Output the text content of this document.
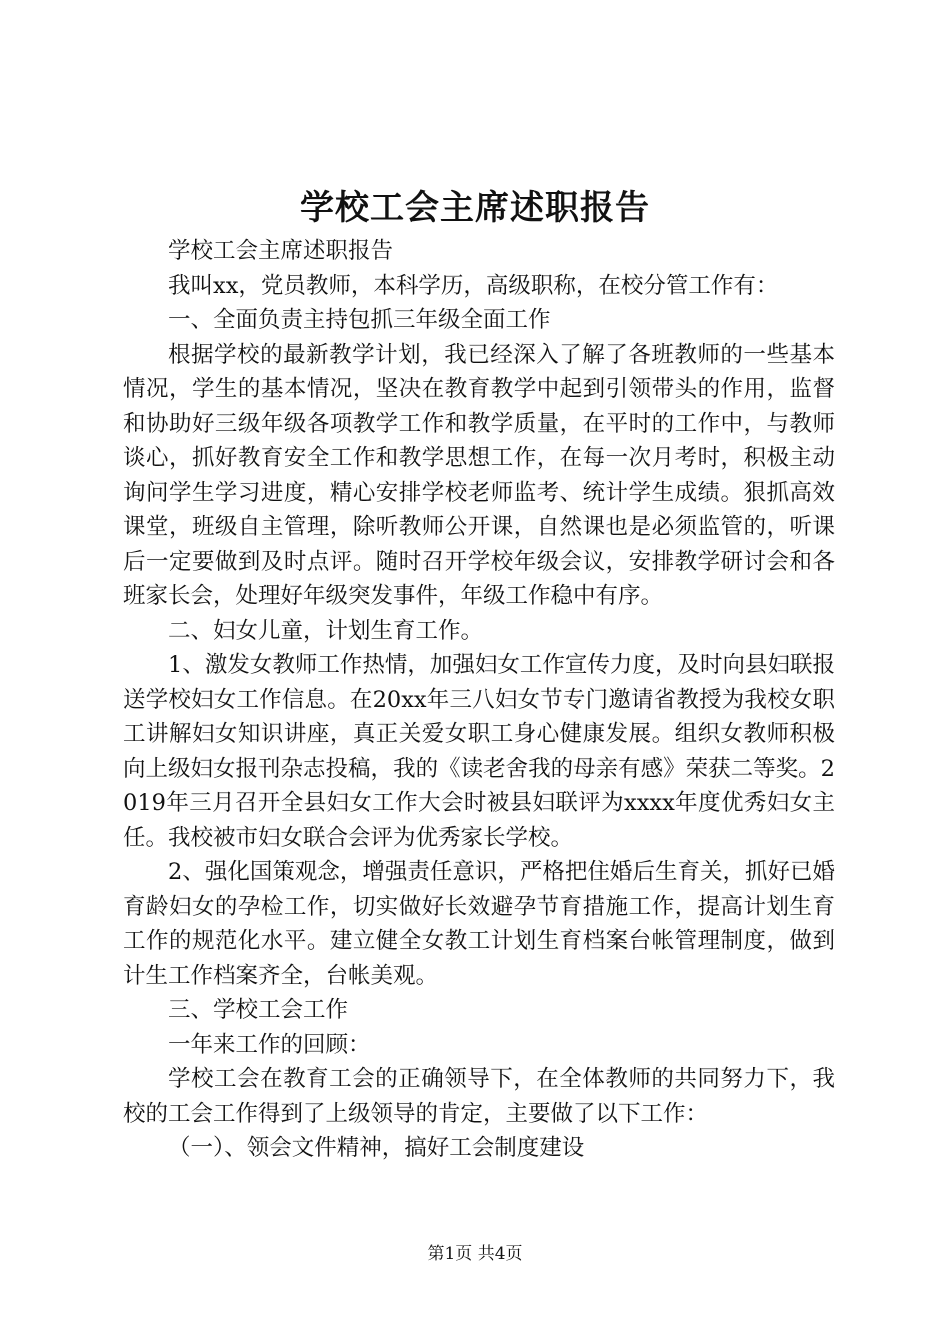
学校工会主席述职报告

学校工会主席述职报告

我叫xx，党员教师，本科学历，高级职称，在校分管工作有：

一、全面负责主持包抓三年级全面工作

根据学校的最新教学计划，我已经深入了解了各班教师的一些基本情况，学生的基本情况，坚决在教育教学中起到引领带头的作用，监督和协助好三级年级各项教学工作和教学质量，在平时的工作中，与教师谈心，抓好教育安全工作和教学思想工作，在每一次月考时，积极主动询问学生学习进度，精心安排学校老师监考、统计学生成绩。狠抓高效课堂，班级自主管理，除听教师公开课，自然课也是必须监管的，听课后一定要做到及时点评。随时召开学校年级会议，安排教学研讨会和各班家长会，处理好年级突发事件，年级工作稳中有序。

二、妇女儿童，计划生育工作。

1、激发女教师工作热情，加强妇女工作宣传力度，及时向县妇联报送学校妇女工作信息。在20xx年三八妇女节专门邀请省教授为我校女职工讲解妇女知识讲座，真正关爱女职工身心健康发展。组织女教师积极向上级妇女报刊杂志投稿，我的《读老舍我的母亲有感》荣获二等奖。2019年三月召开全县妇女工作大会时被县妇联评为xxxx年度优秀妇女主任。我校被市妇女联合会评为优秀家长学校。

2、强化国策观念，增强责任意识，严格把住婚后生育关，抓好已婚育龄妇女的孕检工作，切实做好长效避孕节育措施工作，提高计划生育工作的规范化水平。建立健全女教工计划生育档案台帐管理制度，做到计生工作档案齐全，台帐美观。

三、学校工会工作

一年来工作的回顾：

学校工会在教育工会的正确领导下，在全体教师的共同努力下，我校的工会工作得到了上级领导的肯定，主要做了以下工作：

（一）、领会文件精神，搞好工会制度建设

第1页 共4页
